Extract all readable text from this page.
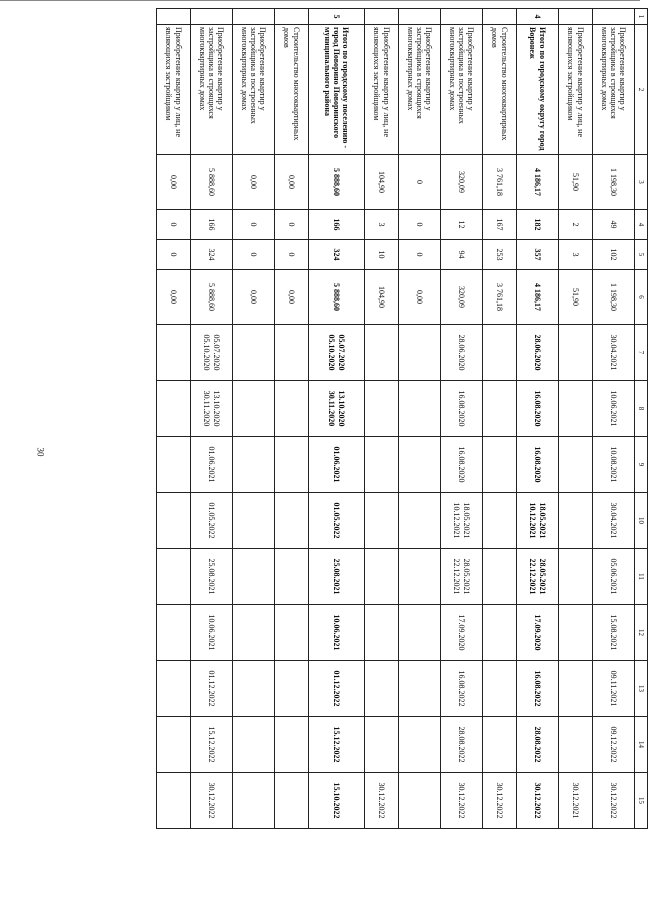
30
1	2	3	4	5	6	7	8	9	10	11	12	13	14	15
	Приобретение квартир у застройщика в строящихся многоквартирных домах	1 198,30	49	102	1 198,30	30.04.2021	10.06.2021	10.08.2021	30.04.2021	05.06.2021	15.08.2021	09.11.2021	09.12.2022	30.12.2022
	Приобретение квартир у лиц, не являющихся застройщиком	51,90	2	3	51,90									30.12.2021
4	Итого по городскому округу город Воронеж	4 186,17	182	357	4 186,17	28.06.2020	16.08.2020	16.08.2020	18.05.2021 10.12.2021	28.05.2021 22.12.2021	17.09.2020	16.08.2022	28.08.2022	30.12.2022
	Строительство многоквартирных домов	3 761,18	167	253	3 761,18									30.12.2022
	Приобретение квартир у застройщика в построенных многоквартирных домах	320,09	12	94	320,09	28.06.2020	16.08.2020	16.08.2020	18.05.2021 10.12.2021	28.05.2021 22.12.2021	17.09.2020	16.08.2022	28.08.2022	30.12.2022
	Приобретение квартир у застройщика в строящихся многоквартирных домах	0	0	0	0,00									
	Приобретение квартир у лиц, не являющихся застройщиком	104,90	3	10	104,90									30.12.2022
5	Итого по городскому поселению - город Поворино Поворинского муниципального района	5 888,60	166	324	5 888,60	05.07.2020 05.10.2020	13.10.2020 30.11.2020	01.06.2021	01.05.2022	25.08.2021	10.06.2021	01.12.2022	15.12.2022	15.10.2022
	Строительство многоквартирных домов	0,00	0	0	0,00									
	Приобретение квартир у застройщика в построенных многоквартирных домах	0,00	0	0	0,00									
	Приобретение квартир у застройщика в строящихся многоквартирных домах	5 888,60	166	324	5 888,60	05.07.2020 05.10.2020	13.10.2020 30.11.2020	01.06.2021	01.05.2022	25.08.2021	10.06.2021	01.12.2022	15.12.2022	30.12.2022
	Приобретение квартир у лиц, не являющихся застройщиком	0,00	0	0	0,00									
